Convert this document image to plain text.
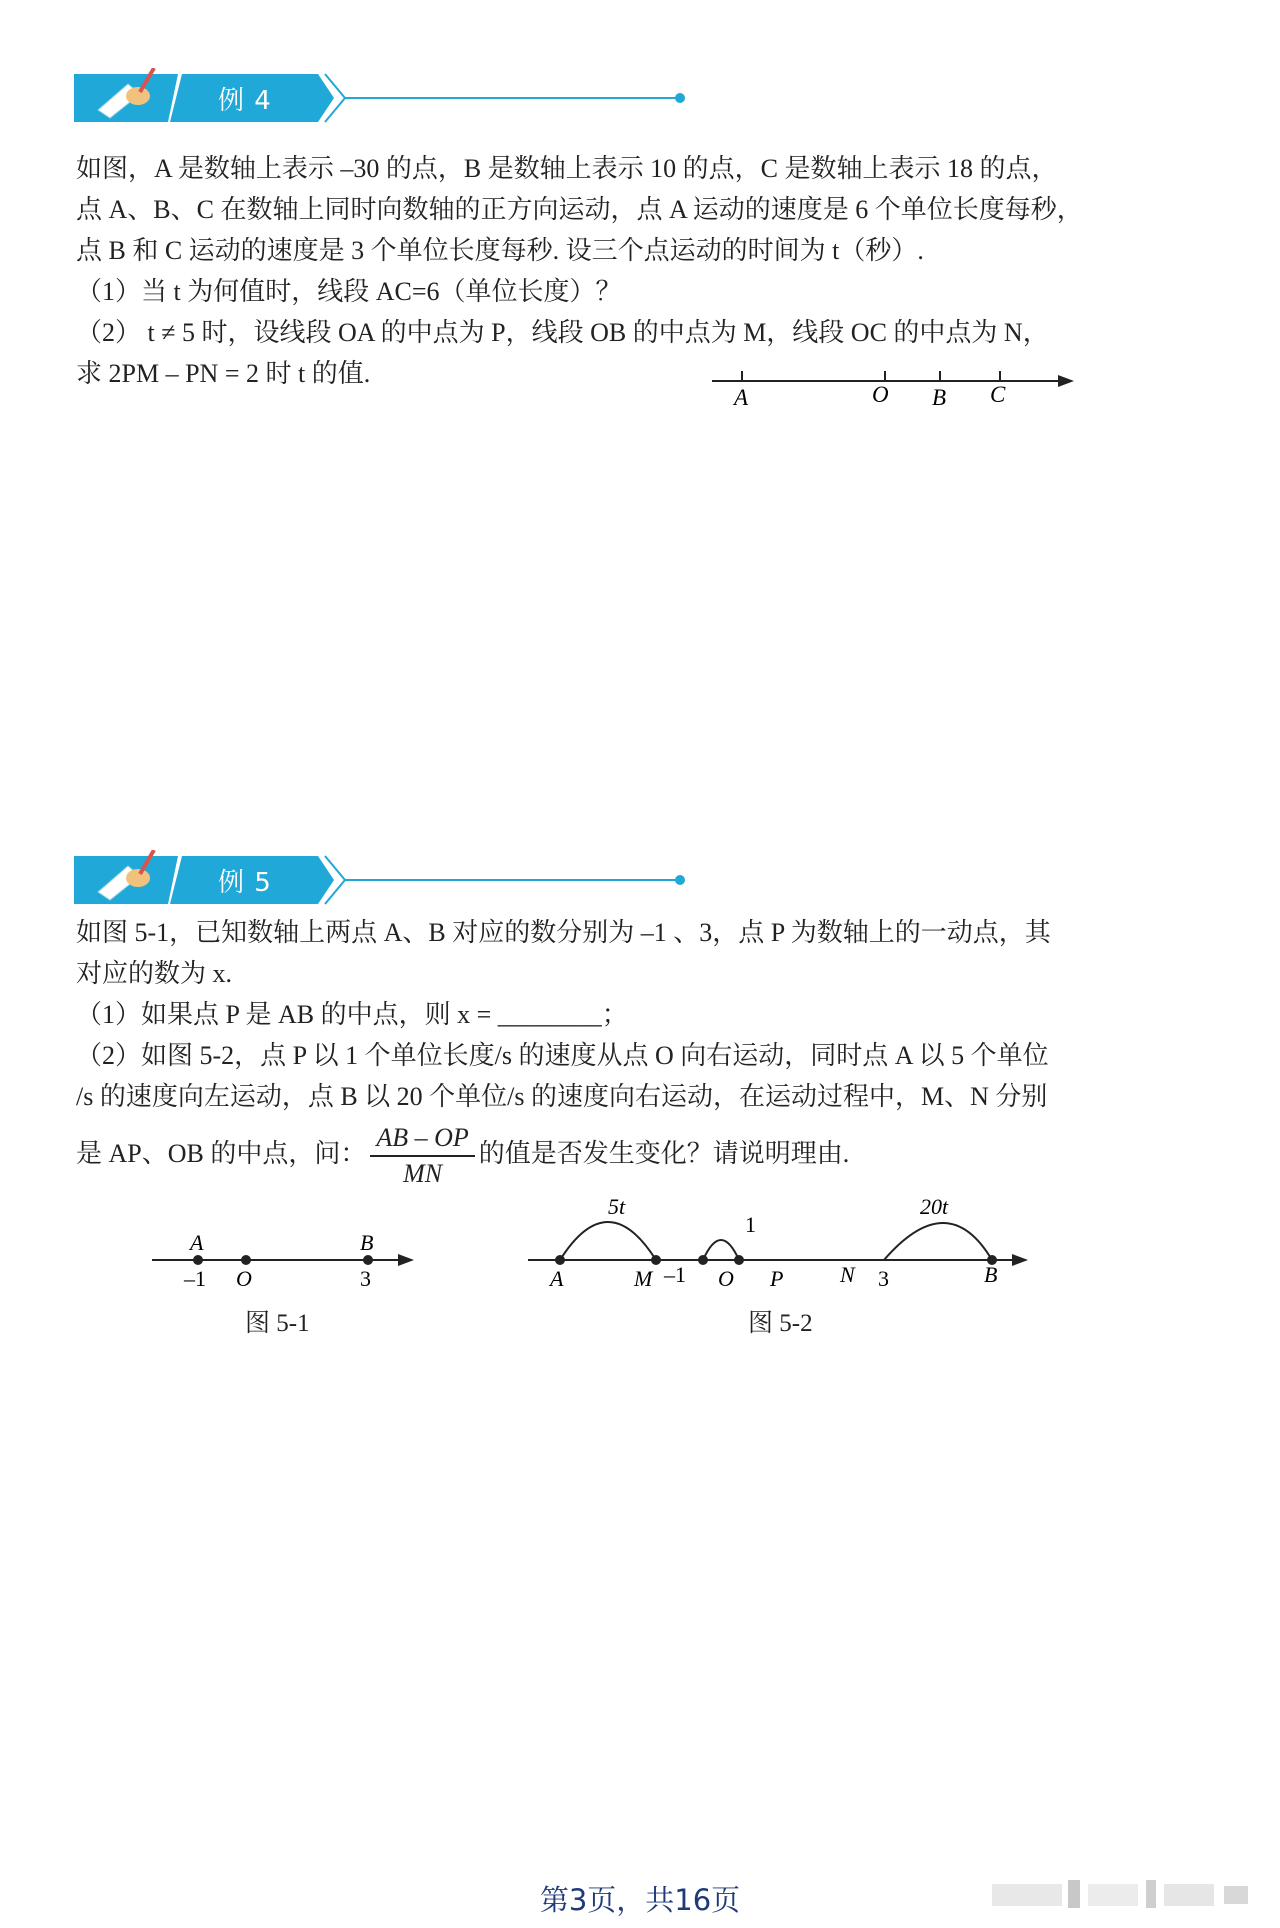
例 4
如图，A 是数轴上表示 –30 的点，B 是数轴上表示 10 的点，C 是数轴上表示 18 的点，
点 A、B、C 在数轴上同时向数轴的正方向运动，点 A 运动的速度是 6 个单位长度每秒，
点 B 和 C 运动的速度是 3 个单位长度每秒. 设三个点运动的时间为 t（秒）.
（1）当 t 为何值时，线段 AC=6（单位长度）？
（2） t ≠ 5 时，设线段 OA 的中点为 P，线段 OB 的中点为 M，线段 OC 的中点为 N，
求 2PM – PN = 2 时 t 的值.
A	O B C
例 5
如图 5-1，已知数轴上两点 A、B 对应的数分别为 –1 、3，点 P 为数轴上的一动点，其
对应的数为 x.
（1）如果点 P 是 AB 的中点，则 x = ________；
（2）如图 5-2，点 P 以 1 个单位长度/s 的速度从点 O 向右运动，同时点 A 以 5 个单位
/s 的速度向左运动，点 B 以 20 个单位/s 的速度向右运动，在运动过程中，M、N 分别
是 AP、OB 的中点，问： $\frac{AB - OP}{MN}$ 的值是否发生变化？请说明理由.
A	B
–1 O	3
图 5-1
5t
1
20t
A	M –1 O P	N 3	B
图 5-2
第3页，共16页
